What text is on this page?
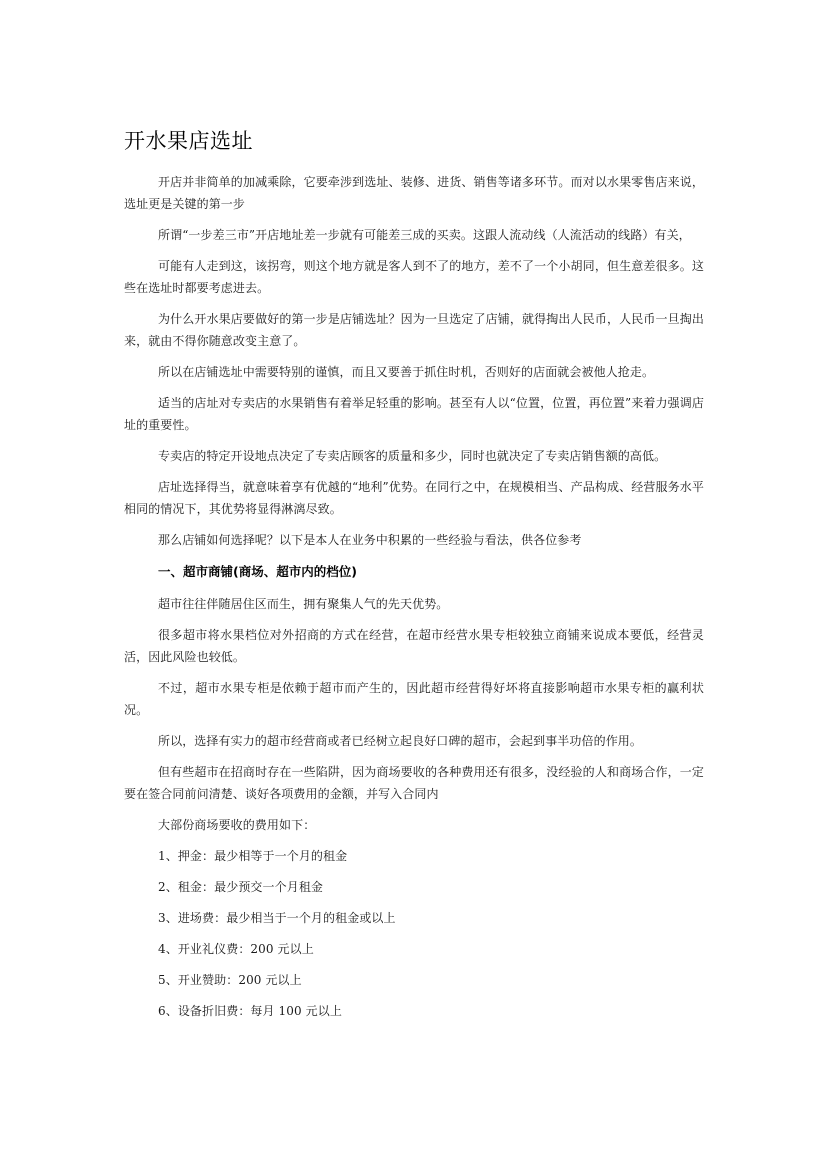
开水果店选址

开店并非简单的加减乘除，它要牵涉到选址、装修、进货、销售等诸多环节。而对以水果零售店来说，选址更是关键的第一步

所谓“一步差三市”开店地址差一步就有可能差三成的买卖。这跟人流动线（人流活动的线路）有关，

可能有人走到这，该拐弯，则这个地方就是客人到不了的地方，差不了一个小胡同，但生意差很多。这些在选址时都要考虑进去。

为什么开水果店要做好的第一步是店铺选址？因为一旦选定了店铺，就得掏出人民币，人民币一旦掏出来，就由不得你随意改变主意了。

所以在店铺选址中需要特别的谨慎，而且又要善于抓住时机，否则好的店面就会被他人抢走。

适当的店址对专卖店的水果销售有着举足轻重的影响。甚至有人以“位置，位置，再位置”来着力强调店址的重要性。

专卖店的特定开设地点决定了专卖店顾客的质量和多少，同时也就决定了专卖店销售额的高低。

店址选择得当，就意味着享有优越的“地利”优势。在同行之中，在规模相当、产品构成、经营服务水平相同的情况下，其优势将显得淋漓尽致。

那么店铺如何选择呢？以下是本人在业务中积累的一些经验与看法，供各位参考

一、超市商铺(商场、超市内的档位)

超市往往伴随居住区而生，拥有聚集人气的先天优势。

很多超市将水果档位对外招商的方式在经营，在超市经营水果专柜较独立商铺来说成本要低，经营灵活，因此风险也较低。

不过，超市水果专柜是依赖于超市而产生的，因此超市经营得好坏将直接影响超市水果专柜的赢利状况。

所以，选择有实力的超市经营商或者已经树立起良好口碑的超市，会起到事半功倍的作用。

但有些超市在招商时存在一些陷阱，因为商场要收的各种费用还有很多，没经验的人和商场合作，一定要在签合同前问清楚、谈好各项费用的金额，并写入合同内

大部份商场要收的费用如下：

1、押金：最少相等于一个月的租金

2、租金：最少预交一个月租金

3、进场费：最少相当于一个月的租金或以上

4、开业礼仪费：200 元以上

5、开业赞助：200 元以上

6、设备折旧费：每月 100 元以上
